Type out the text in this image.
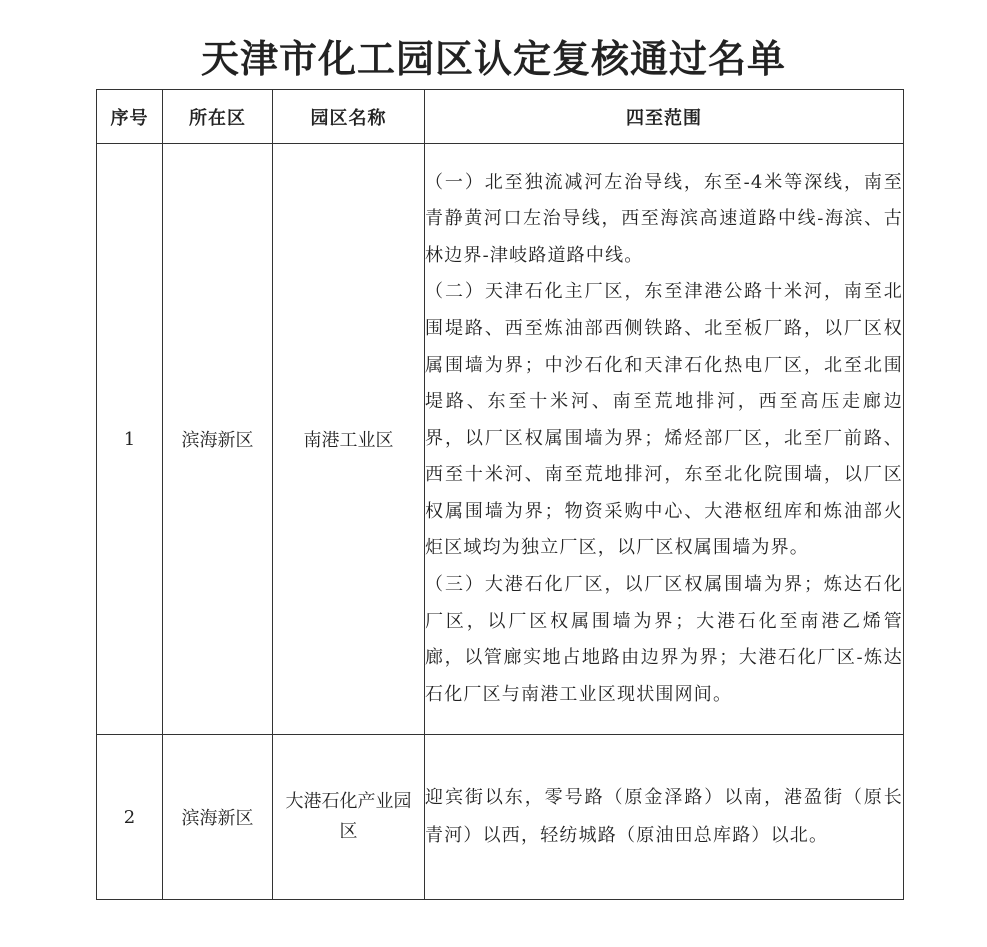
天津市化工园区认定复核通过名单
序号	所在区	园区名称	四至范围
1	滨海新区	南港工业区	（一）北至独流减河左治导线，东至-4米等深线，南至青静黄河口左治导线，西至海滨高速道路中线-海滨、古林边界-津岐路道路中线。
（二）天津石化主厂区，东至津港公路十米河，南至北围堤路、西至炼油部西侧铁路、北至板厂路，以厂区权属围墙为界；中沙石化和天津石化热电厂区，北至北围堤路、东至十米河、南至荒地排河，西至高压走廊边界，以厂区权属围墙为界；烯烃部厂区，北至厂前路、西至十米河、南至荒地排河，东至北化院围墙，以厂区权属围墙为界；物资采购中心、大港枢纽库和炼油部火炬区域均为独立厂区，以厂区权属围墙为界。
（三）大港石化厂区，以厂区权属围墙为界；炼达石化厂区，以厂区权属围墙为界；大港石化至南港乙烯管廊，以管廊实地占地路由边界为界；大港石化厂区-炼达石化厂区与南港工业区现状围网间。

2	滨海新区	大港石化产业园区	迎宾街以东，零号路（原金泽路）以南，港盈街（原长青河）以西，轻纺城路（原油田总库路）以北。
